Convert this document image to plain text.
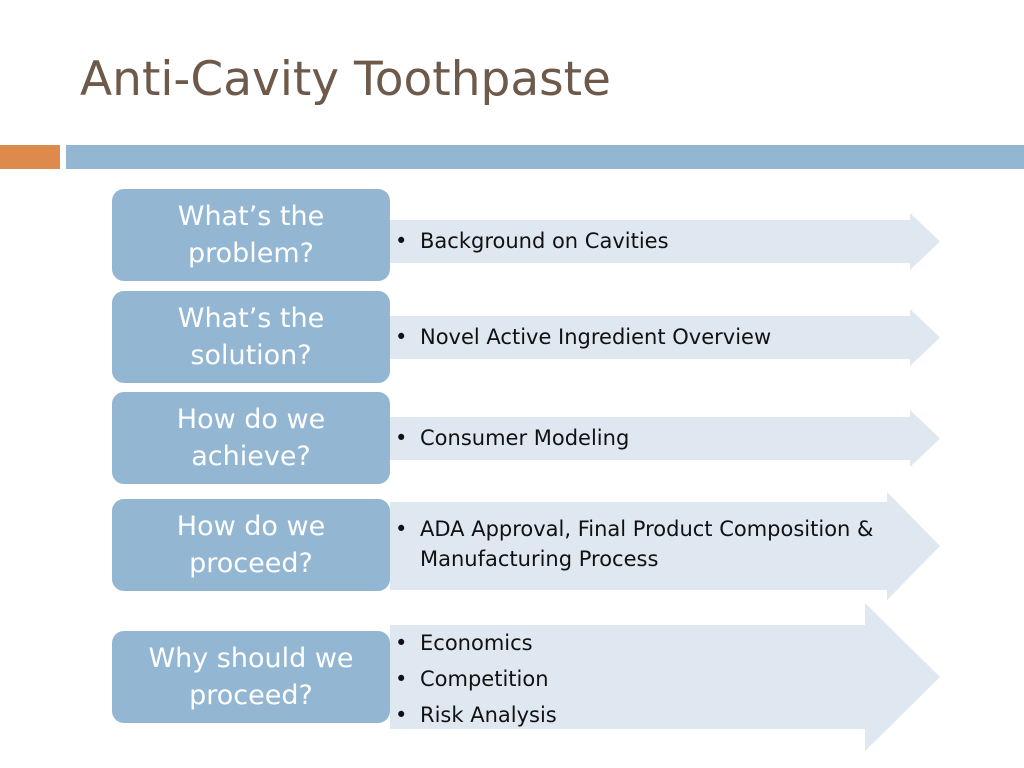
Anti-Cavity Toothpaste
What’s the problem?
•	Background on Cavities
What’s the solution?
• Novel Active Ingredient Overview
How do we achieve?
• Consumer Modeling
How do we proceed?
• ADA Approval, Final Product Composition & Manufacturing Process
Why should we proceed?
• Economics
• Competition
• Risk Analysis
